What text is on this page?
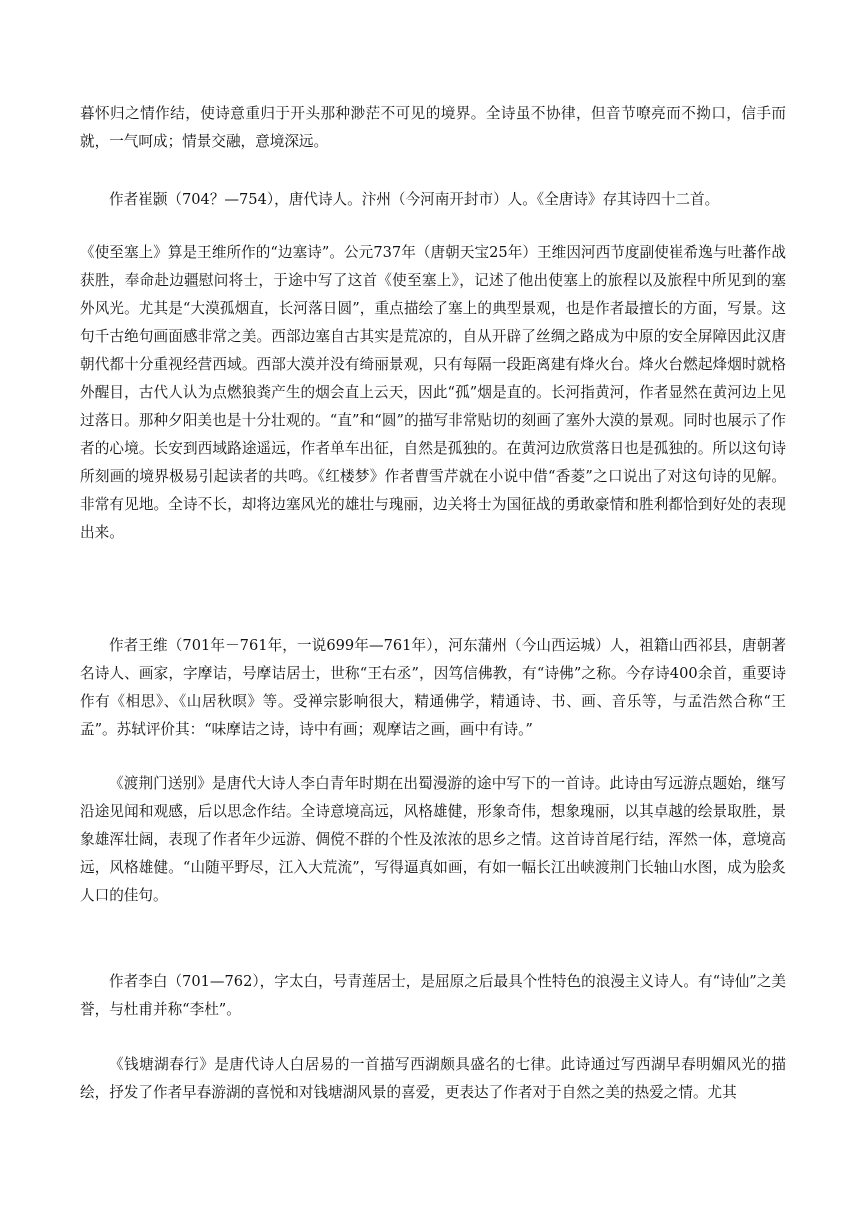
暮怀归之情作结，使诗意重归于开头那种渺茫不可见的境界。全诗虽不协律，但音节嘹亮而不拗口，信手而就，一气呵成；情景交融，意境深远。

作者崔颢（704？—754），唐代诗人。汴州（今河南开封市）人。《全唐诗》存其诗四十二首。

《使至塞上》算是王维所作的“边塞诗”。公元737年（唐朝天宝25年）王维因河西节度副使崔希逸与吐蕃作战获胜，奉命赴边疆慰问将士，于途中写了这首《使至塞上》，记述了他出使塞上的旅程以及旅程中所见到的塞外风光。尤其是“大漠孤烟直，长河落日圆”，重点描绘了塞上的典型景观，也是作者最擅长的方面，写景。这句千古绝句画面感非常之美。西部边塞自古其实是荒凉的，自从开辟了丝绸之路成为中原的安全屏障因此汉唐朝代都十分重视经营西域。西部大漠并没有绮丽景观，只有每隔一段距离建有烽火台。烽火台燃起烽烟时就格外醒目，古代人认为点燃狼粪产生的烟会直上云天，因此“孤”烟是直的。长河指黄河，作者显然在黄河边上见过落日。那种夕阳美也是十分壮观的。“直”和“圆”的描写非常贴切的刻画了塞外大漠的景观。同时也展示了作者的心境。长安到西域路途遥远，作者单车出征，自然是孤独的。在黄河边欣赏落日也是孤独的。所以这句诗所刻画的境界极易引起读者的共鸣。《红楼梦》作者曹雪芹就在小说中借“香菱”之口说出了对这句诗的见解。非常有见地。全诗不长，却将边塞风光的雄壮与瑰丽，边关将士为国征战的勇敢豪情和胜利都恰到好处的表现出来。

作者王维（701年－761年，一说699年—761年），河东蒲州（今山西运城）人，祖籍山西祁县，唐朝著名诗人、画家，字摩诘，号摩诘居士，世称“王右丞”，因笃信佛教，有“诗佛”之称。今存诗400余首，重要诗作有《相思》、《山居秋暝》等。受禅宗影响很大，精通佛学，精通诗、书、画、音乐等，与孟浩然合称“王孟”。苏轼评价其：“味摩诘之诗，诗中有画；观摩诘之画，画中有诗。”

《渡荆门送别》是唐代大诗人李白青年时期在出蜀漫游的途中写下的一首诗。此诗由写远游点题始，继写沿途见闻和观感，后以思念作结。全诗意境高远，风格雄健，形象奇伟，想象瑰丽，以其卓越的绘景取胜，景象雄浑壮阔，表现了作者年少远游、倜傥不群的个性及浓浓的思乡之情。这首诗首尾行结，浑然一体，意境高远，风格雄健。“山随平野尽，江入大荒流”，写得逼真如画，有如一幅长江出峡渡荆门长轴山水图，成为脍炙人口的佳句。

作者李白（701—762），字太白，号青莲居士，是屈原之后最具个性特色的浪漫主义诗人。有“诗仙”之美誉，与杜甫并称“李杜”。

《钱塘湖春行》是唐代诗人白居易的一首描写西湖颇具盛名的七律。此诗通过写西湖早春明媚风光的描绘，抒发了作者早春游湖的喜悦和对钱塘湖风景的喜爱，更表达了作者对于自然之美的热爱之情。尤其
